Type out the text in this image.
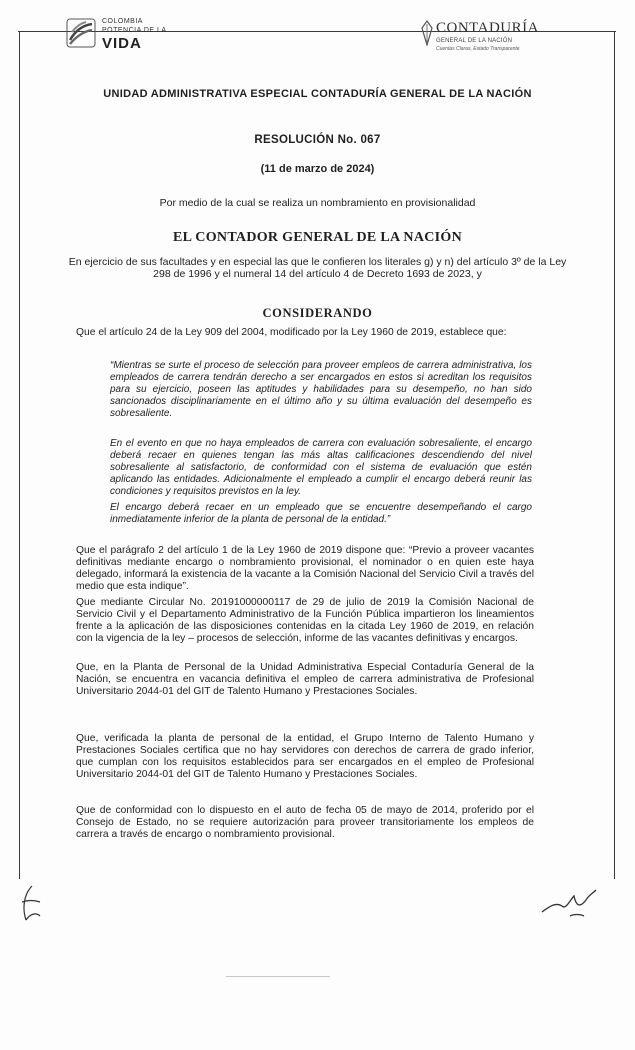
COLOMBIA
POTENCIA DE LA
VIDA
CONTADURÍA
GENERAL DE LA NACIÓN
Cuentas Claras, Estado Transparente
UNIDAD ADMINISTRATIVA ESPECIAL CONTADURÍA GENERAL DE LA NACIÓN
RESOLUCIÓN No. 067
(11 de marzo de 2024)
Por medio de la cual se realiza un nombramiento en provisionalidad
EL CONTADOR GENERAL DE LA NACIÓN
En ejercicio de sus facultades y en especial las que le confieren los literales g) y n) del artículo 3º de la Ley 298 de 1996 y el numeral 14 del artículo 4 de Decreto 1693 de 2023, y
CONSIDERANDO
Que el artículo 24 de la Ley 909 del 2004, modificado por la Ley 1960 de 2019, establece que:
“Mientras se surte el proceso de selección para proveer empleos de carrera administrativa, los empleados de carrera tendrán derecho a ser encargados en estos si acreditan los requisitos para su ejercicio, poseen las aptitudes y habilidades para su desempeño, no han sido sancionados disciplinariamente en el último año y su última evaluación del desempeño es sobresaliente.
En el evento en que no haya empleados de carrera con evaluación sobresaliente, el encargo deberá recaer en quienes tengan las más altas calificaciones descendiendo del nivel sobresaliente al satisfactorio, de conformidad con el sistema de evaluación que estén aplicando las entidades. Adicionalmente el empleado a cumplir el encargo deberá reunir las condiciones y requisitos previstos en la ley.
El encargo deberá recaer en un empleado que se encuentre desempeñando el cargo inmediatamente inferior de la planta de personal de la entidad.”
Que el parágrafo 2 del artículo 1 de la Ley 1960 de 2019 dispone que: “Previo a proveer vacantes definitivas mediante encargo o nombramiento provisional, el nominador o en quien este haya delegado, informará la existencia de la vacante a la Comisión Nacional del Servicio Civil a través del medio que esta indique”.
Que mediante Circular No. 20191000000117 de 29 de julio de 2019 la Comisión Nacional de Servicio Civil y el Departamento Administrativo de la Función Pública impartieron los lineamientos frente a la aplicación de las disposiciones contenidas en la citada Ley 1960 de 2019, en relación con la vigencia de la ley – procesos de selección, informe de las vacantes definitivas y encargos.
Que, en la Planta de Personal de la Unidad Administrativa Especial Contaduría General de la Nación, se encuentra en vacancia definitiva el empleo de carrera administrativa de Profesional Universitario 2044-01 del GIT de Talento Humano y Prestaciones Sociales.
Que, verificada la planta de personal de la entidad, el Grupo Interno de Talento Humano y Prestaciones Sociales certifica que no hay servidores con derechos de carrera de grado inferior, que cumplan con los requisitos establecidos para ser encargados en el empleo de Profesional Universitario 2044-01 del GIT de Talento Humano y Prestaciones Sociales.
Que de conformidad con lo dispuesto en el auto de fecha 05 de mayo de 2014, proferido por el Consejo de Estado, no se requiere autorización para proveer transitoriamente los empleos de carrera a través de encargo o nombramiento provisional.
